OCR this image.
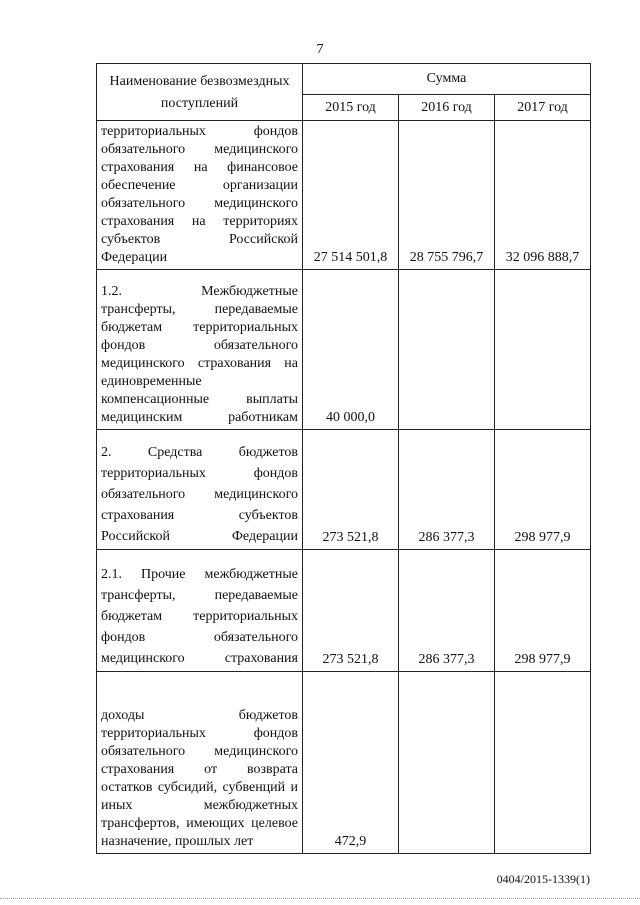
7
Наименование безвозмездных поступлений	Сумма		
	2015 год	2016 год	2017 год
территориальных фондов обязательного медицинского страхования на финансовое обеспечение организации обязательного медицинского страхования на территориях субъектов Российской Федерации	27 514 501,8	28 755 796,7	32 096 888,7
1.2. Межбюджетные трансферты, передаваемые бюджетам территориальных фондов обязательного медицинского страхования на единовременные компенсационные выплаты медицинским работникам	40 000,0		
2. Средства бюджетов территориальных фондов обязательного медицинского страхования субъектов Российской Федерации	273 521,8	286 377,3	298 977,9
2.1. Прочие межбюджетные трансферты, передаваемые бюджетам территориальных фондов обязательного медицинского страхования	273 521,8	286 377,3	298 977,9
доходы бюджетов территориальных фондов обязательного медицинского страхования от возврата остатков субсидий, субвенций и иных межбюджетных трансфертов, имеющих целевое назначение, прошлых лет	472,9		
0404/2015-1339(1)
